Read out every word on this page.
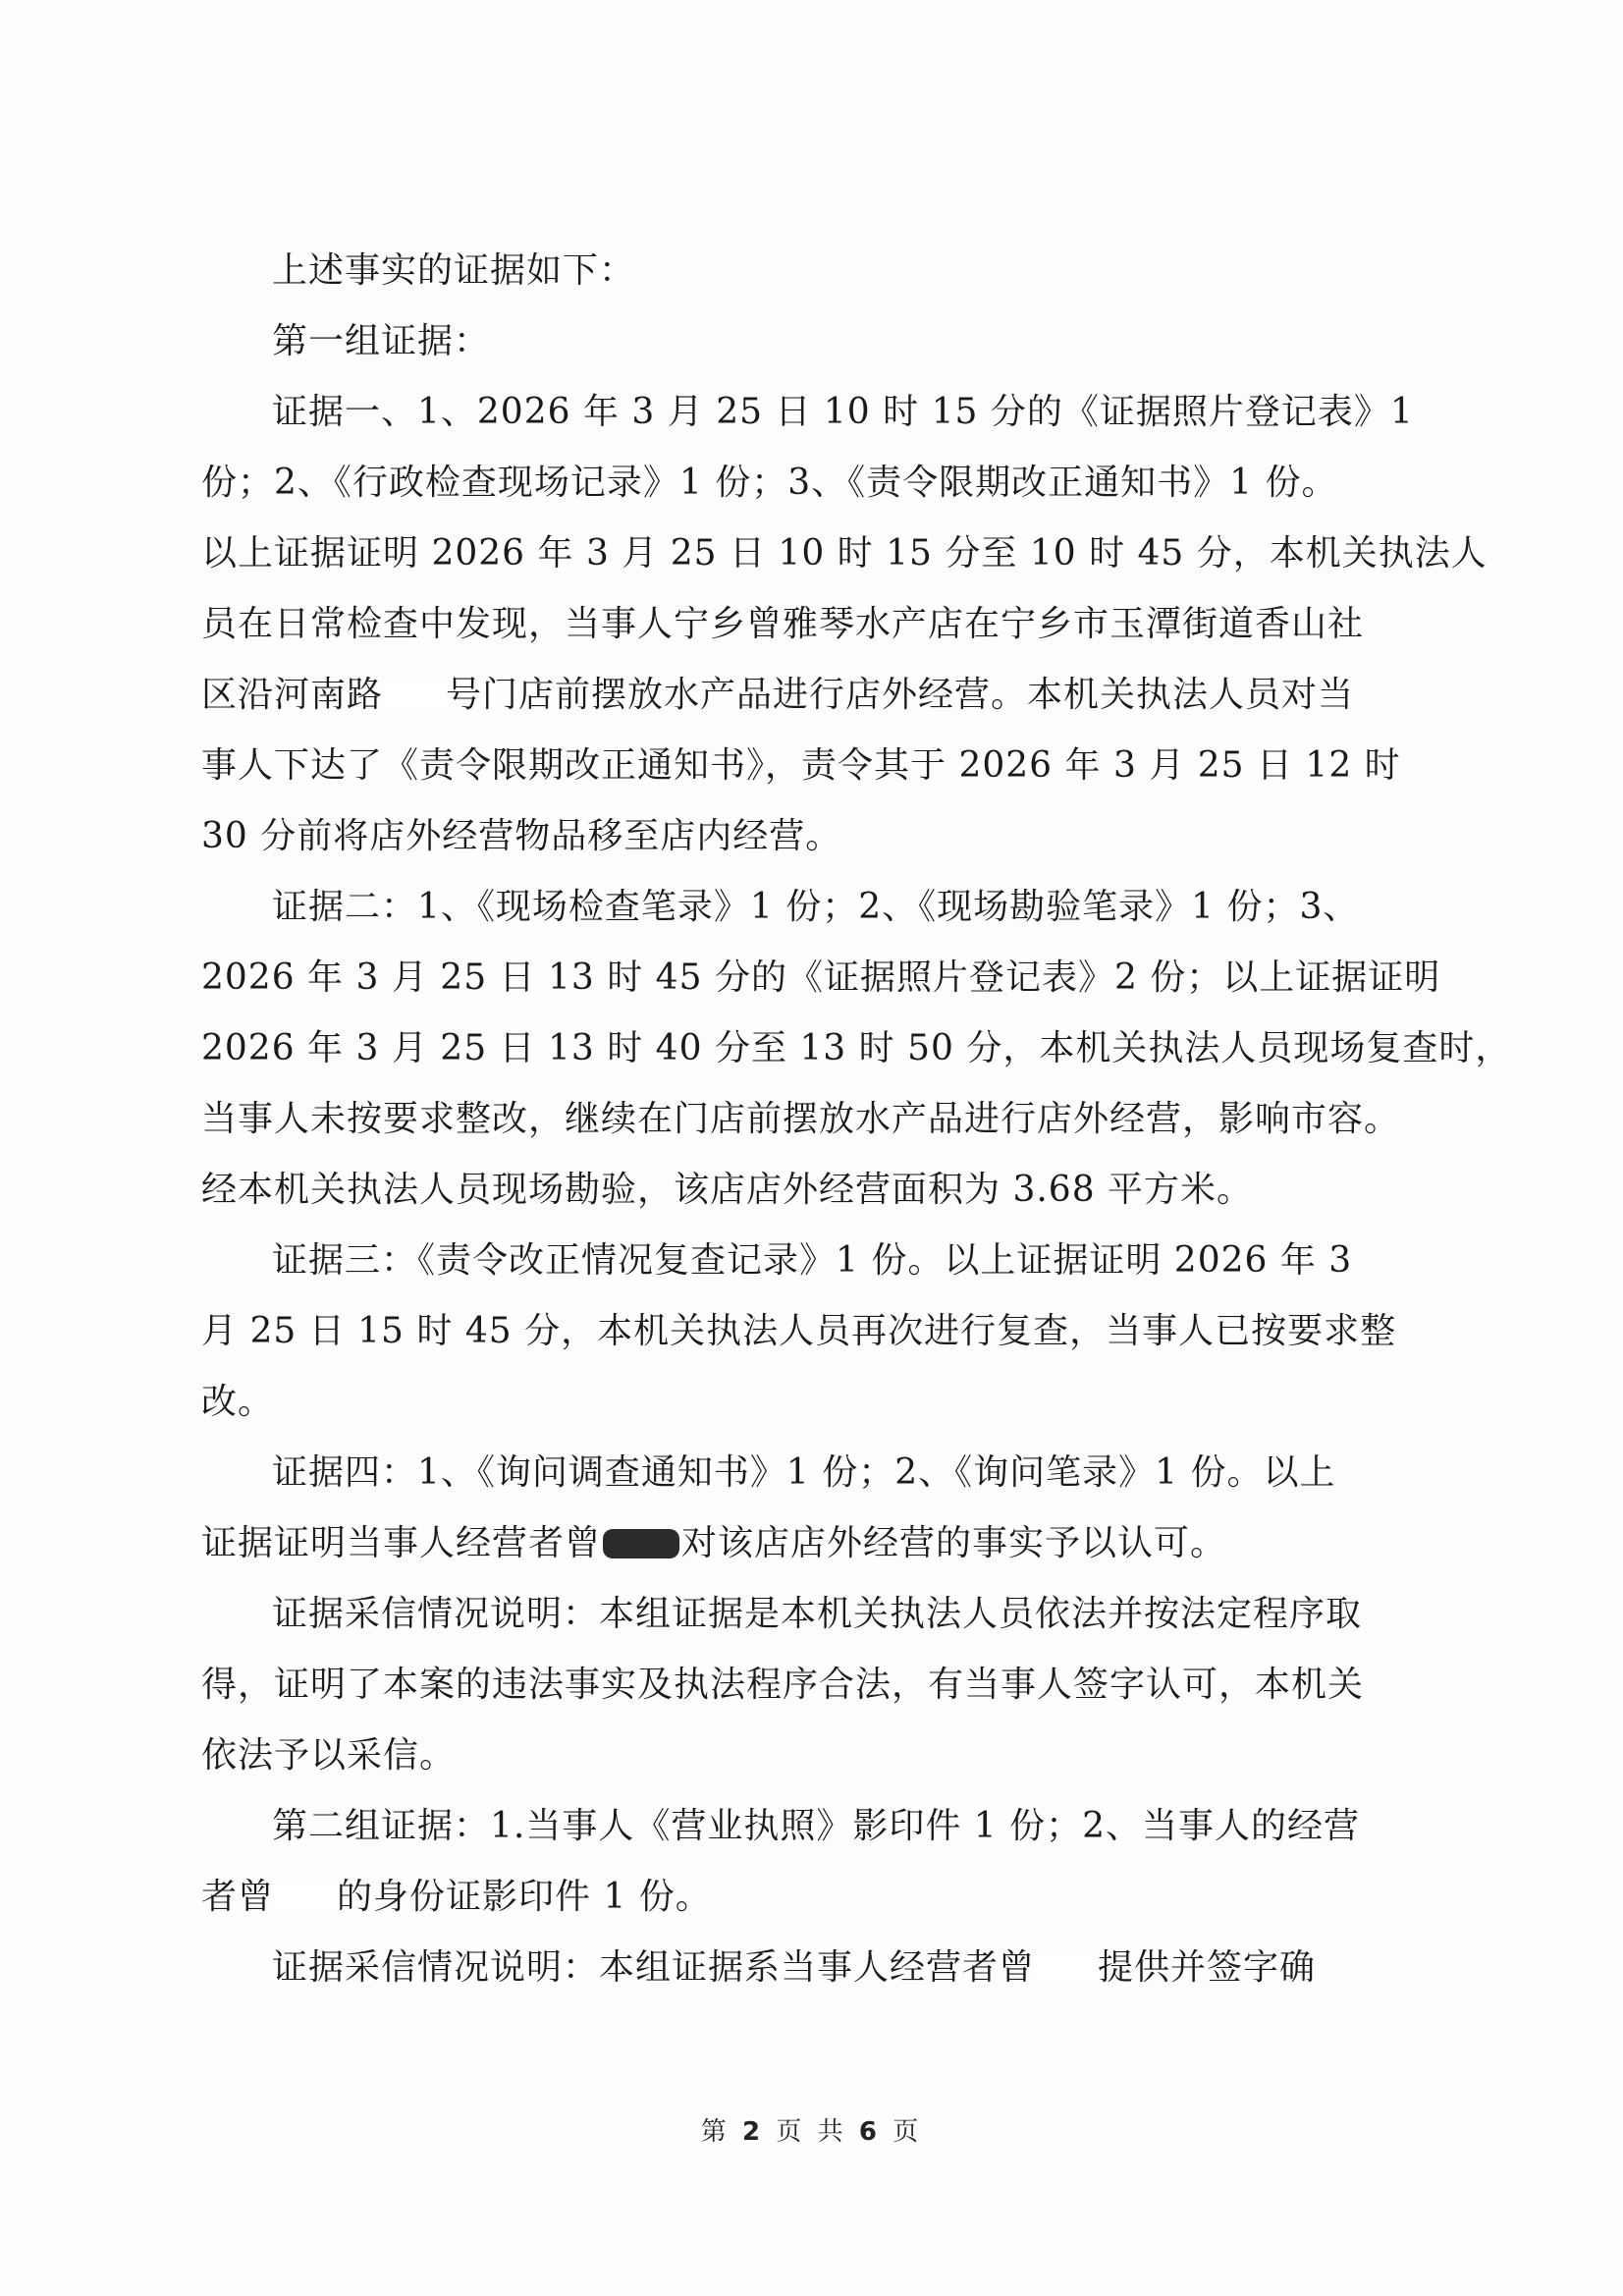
上述事实的证据如下：
第一组证据：
证据一、1、2026 年 3 月 25 日 10 时 15 分的《证据照片登记表》1
份；2、《行政检查现场记录》1 份；3、《责令限期改正通知书》1 份。
以上证据证明 2026 年 3 月 25 日 10 时 15 分至 10 时 45 分，本机关执法人
员在日常检查中发现，当事人宁乡曾雅琴水产店在宁乡市玉潭街道香山社
区沿河南路 号门店前摆放水产品进行店外经营。本机关执法人员对当
事人下达了《责令限期改正通知书》，责令其于 2026 年 3 月 25 日 12 时
30 分前将店外经营物品移至店内经营。
证据二：1、《现场检查笔录》1 份；2、《现场勘验笔录》1 份；3、
2026 年 3 月 25 日 13 时 45 分的《证据照片登记表》2 份；以上证据证明
2026 年 3 月 25 日 13 时 40 分至 13 时 50 分，本机关执法人员现场复查时，
当事人未按要求整改，继续在门店前摆放水产品进行店外经营，影响市容。
经本机关执法人员现场勘验，该店店外经营面积为 3.68 平方米。
证据三：《责令改正情况复查记录》1 份。以上证据证明 2026 年 3
月 25 日 15 时 45 分，本机关执法人员再次进行复查，当事人已按要求整
改。
证据四：1、《询问调查通知书》1 份；2、《询问笔录》1 份。以上
证据证明当事人经营者曾 对该店店外经营的事实予以认可。
证据采信情况说明：本组证据是本机关执法人员依法并按法定程序取
得，证明了本案的违法事实及执法程序合法，有当事人签字认可，本机关
依法予以采信。
第二组证据：1.当事人《营业执照》影印件 1 份；2、当事人的经营
者曾 的身份证影印件 1 份。
证据采信情况说明：本组证据系当事人经营者曾 提供并签字确
第 2 页 共 6 页
